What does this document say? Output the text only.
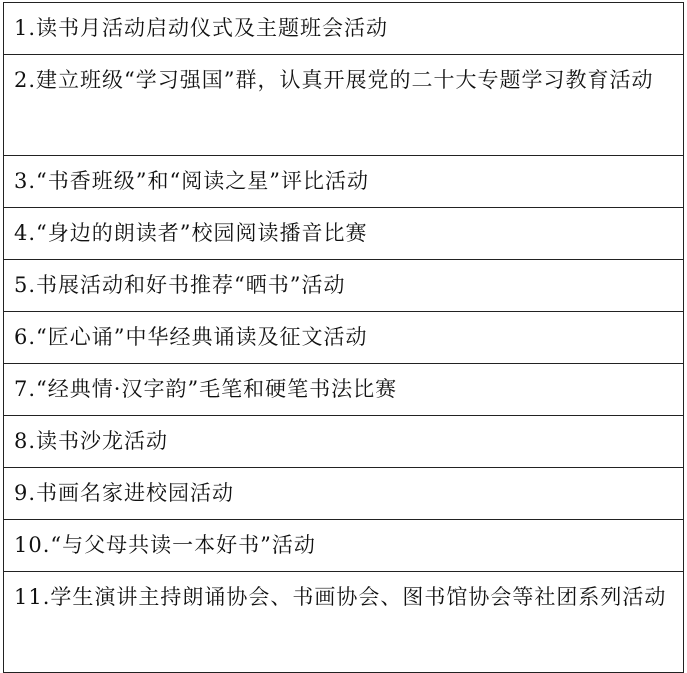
1.读书月活动启动仪式及主题班会活动
2.建立班级“学习强国”群，认真开展党的二十大专题学习教育活动
3.“书香班级”和“阅读之星”评比活动
4.“身边的朗读者”校园阅读播音比赛
5.书展活动和好书推荐“晒书”活动
6.“匠心诵”中华经典诵读及征文活动
7.“经典情·汉字韵”毛笔和硬笔书法比赛
8.读书沙龙活动
9.书画名家进校园活动
10.“与父母共读一本好书”活动
11.学生演讲主持朗诵协会、书画协会、图书馆协会等社团系列活动
